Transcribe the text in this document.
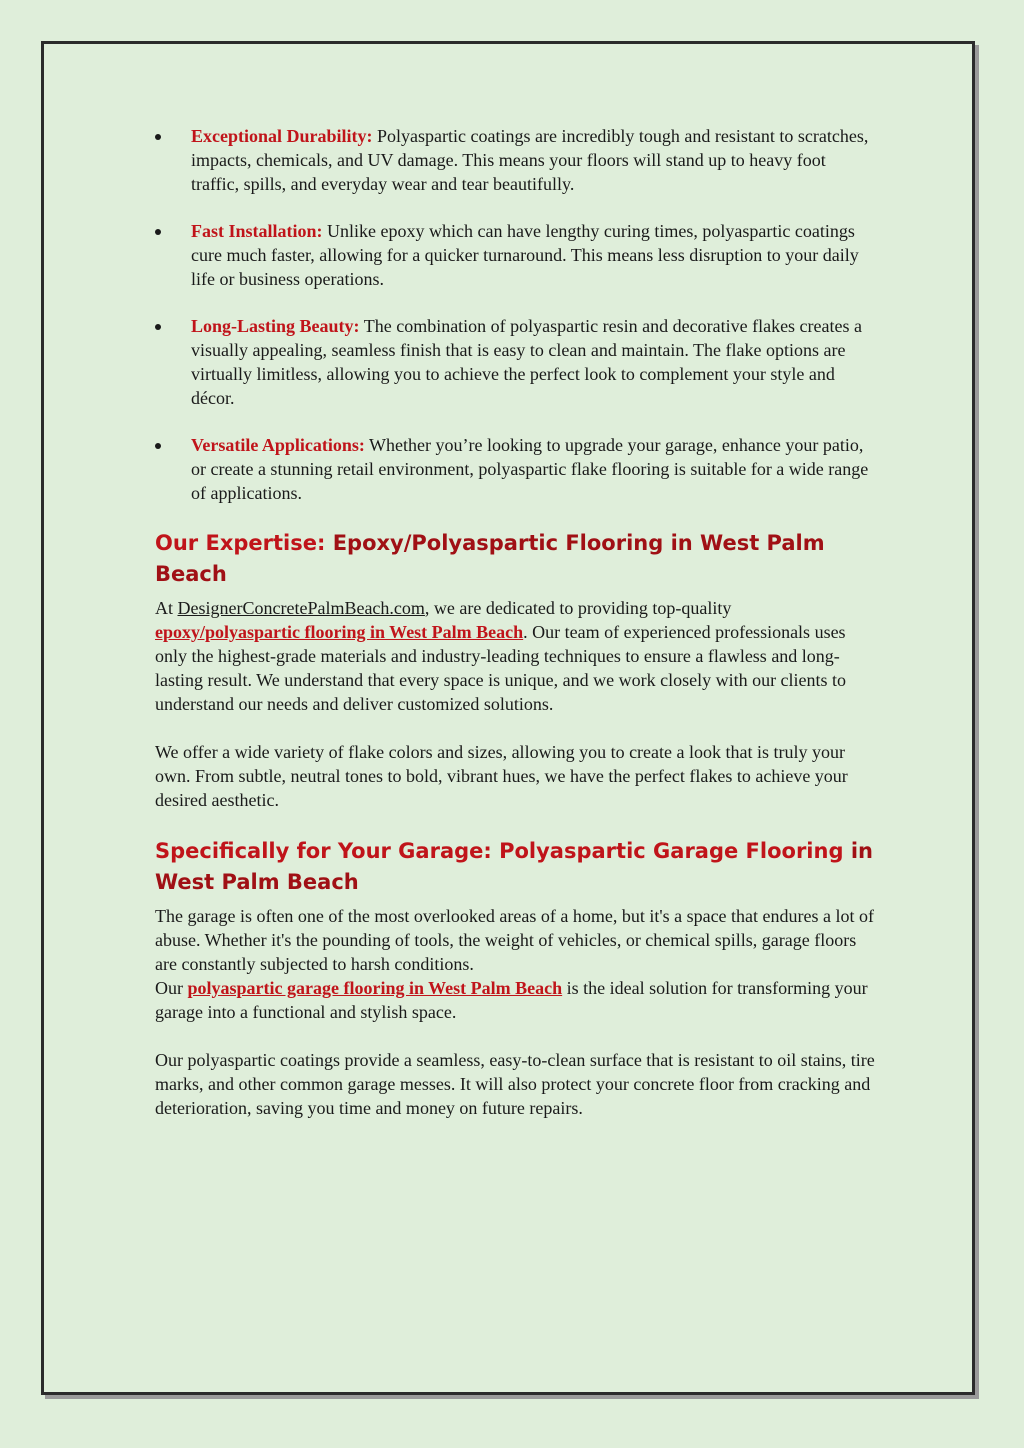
Exceptional Durability: Polyaspartic coatings are incredibly tough and resistant to scratches, impacts, chemicals, and UV damage. This means your floors will stand up to heavy foot traffic, spills, and everyday wear and tear beautifully.
Fast Installation: Unlike epoxy which can have lengthy curing times, polyaspartic coatings cure much faster, allowing for a quicker turnaround. This means less disruption to your daily life or business operations.
Long-Lasting Beauty: The combination of polyaspartic resin and decorative flakes creates a visually appealing, seamless finish that is easy to clean and maintain. The flake options are virtually limitless, allowing you to achieve the perfect look to complement your style and décor.
Versatile Applications: Whether you’re looking to upgrade your garage, enhance your patio, or create a stunning retail environment, polyaspartic flake flooring is suitable for a wide range of applications.
Our Expertise: Epoxy/Polyaspartic Flooring in West Palm Beach

At DesignerConcretePalmBeach.com, we are dedicated to providing top-quality epoxy/polyaspartic flooring in West Palm Beach. Our team of experienced professionals uses only the highest-grade materials and industry-leading techniques to ensure a flawless and long-lasting result. We understand that every space is unique, and we work closely with our clients to understand our needs and deliver customized solutions.

We offer a wide variety of flake colors and sizes, allowing you to create a look that is truly your own. From subtle, neutral tones to bold, vibrant hues, we have the perfect flakes to achieve your desired aesthetic.

Specifically for Your Garage: Polyaspartic Garage Flooring in West Palm Beach

The garage is often one of the most overlooked areas of a home, but it's a space that endures a lot of abuse. Whether it's the pounding of tools, the weight of vehicles, or chemical spills, garage floors are constantly subjected to harsh conditions.
Our polyaspartic garage flooring in West Palm Beach is the ideal solution for transforming your garage into a functional and stylish space.

Our polyaspartic coatings provide a seamless, easy-to-clean surface that is resistant to oil stains, tire marks, and other common garage messes. It will also protect your concrete floor from cracking and deterioration, saving you time and money on future repairs.
